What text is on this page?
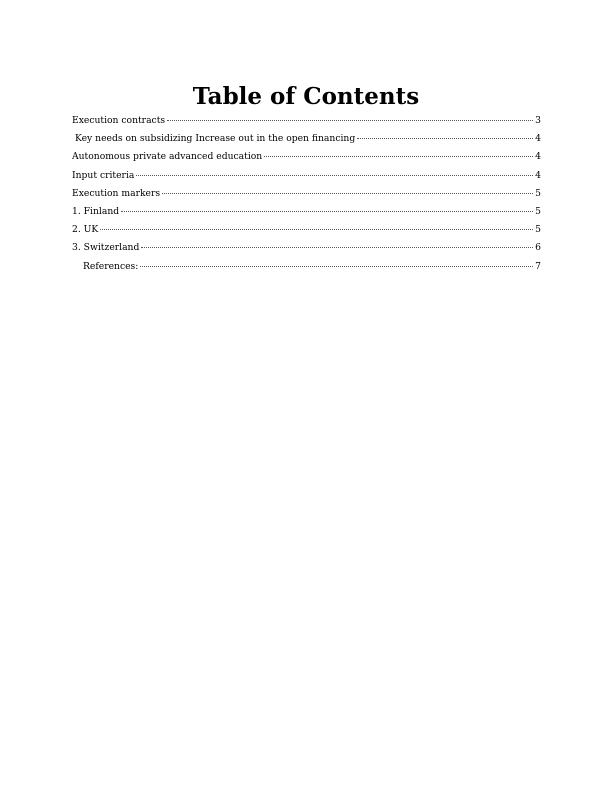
Table of Contents
Execution contracts	3
Key needs on subsidizing Increase out in the open financing	4
Autonomous private advanced education	4
Input criteria	4
Execution markers	5
1. Finland	5
2. UK	5
3. Switzerland	6
References:	7
